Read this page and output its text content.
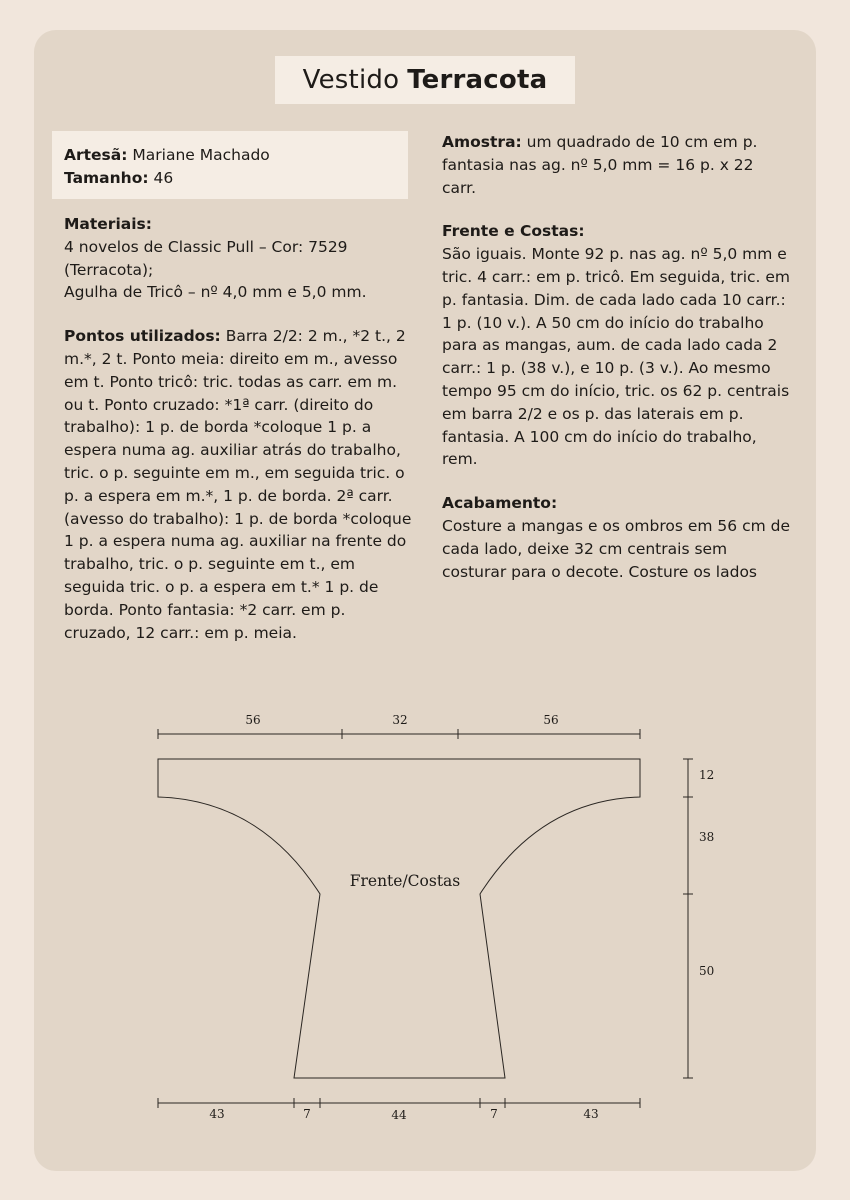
Vestido Terracota
Artesã: Mariane Machado
Tamanho: 46

Materiais:
4 novelos de Classic Pull – Cor: 7529 (Terracota);
Agulha de Tricô – nº 4,0 mm e 5,0 mm.

Pontos utilizados: Barra 2/2: 2 m., *2 t., 2 m.*, 2 t. Ponto meia: direito em m., avesso em t. Ponto tricô: tric. todas as carr. em m. ou t. Ponto cruzado: *1ª carr. (direito do trabalho): 1 p. de borda *coloque 1 p. a espera numa ag. auxiliar atrás do trabalho, tric. o p. seguinte em m., em seguida tric. o p. a espera em m.*, 1 p. de borda. 2ª carr. (avesso do trabalho): 1 p. de borda *coloque 1 p. a espera numa ag. auxiliar na frente do trabalho, tric. o p. seguinte em t., em seguida tric. o p. a espera em t.* 1 p. de borda. Ponto fantasia: *2 carr. em p. cruzado, 12 carr.: em p. meia.

Amostra: um quadrado de 10 cm em p. fantasia nas ag. nº 5,0 mm = 16 p. x 22 carr.

Frente e Costas:
São iguais. Monte 92 p. nas ag. nº 5,0 mm e tric. 4 carr.: em p. tricô. Em seguida, tric. em p. fantasia. Dim. de cada lado cada 10 carr.: 1 p. (10 v.). A 50 cm do início do trabalho para as mangas, aum. de cada lado cada 2 carr.: 1 p. (38 v.), e 10 p. (3 v.). Ao mesmo tempo 95 cm do início, tric. os 62 p. centrais em barra 2/2 e os p. das laterais em p. fantasia. A 100 cm do início do trabalho, rem.

Acabamento:
Costure a mangas e os ombros em 56 cm de cada lado, deixe 32 cm centrais sem costurar para o decote. Costure os lados

56	32	56
12
38
50
43	7	44	7	43
Frente/Costas
